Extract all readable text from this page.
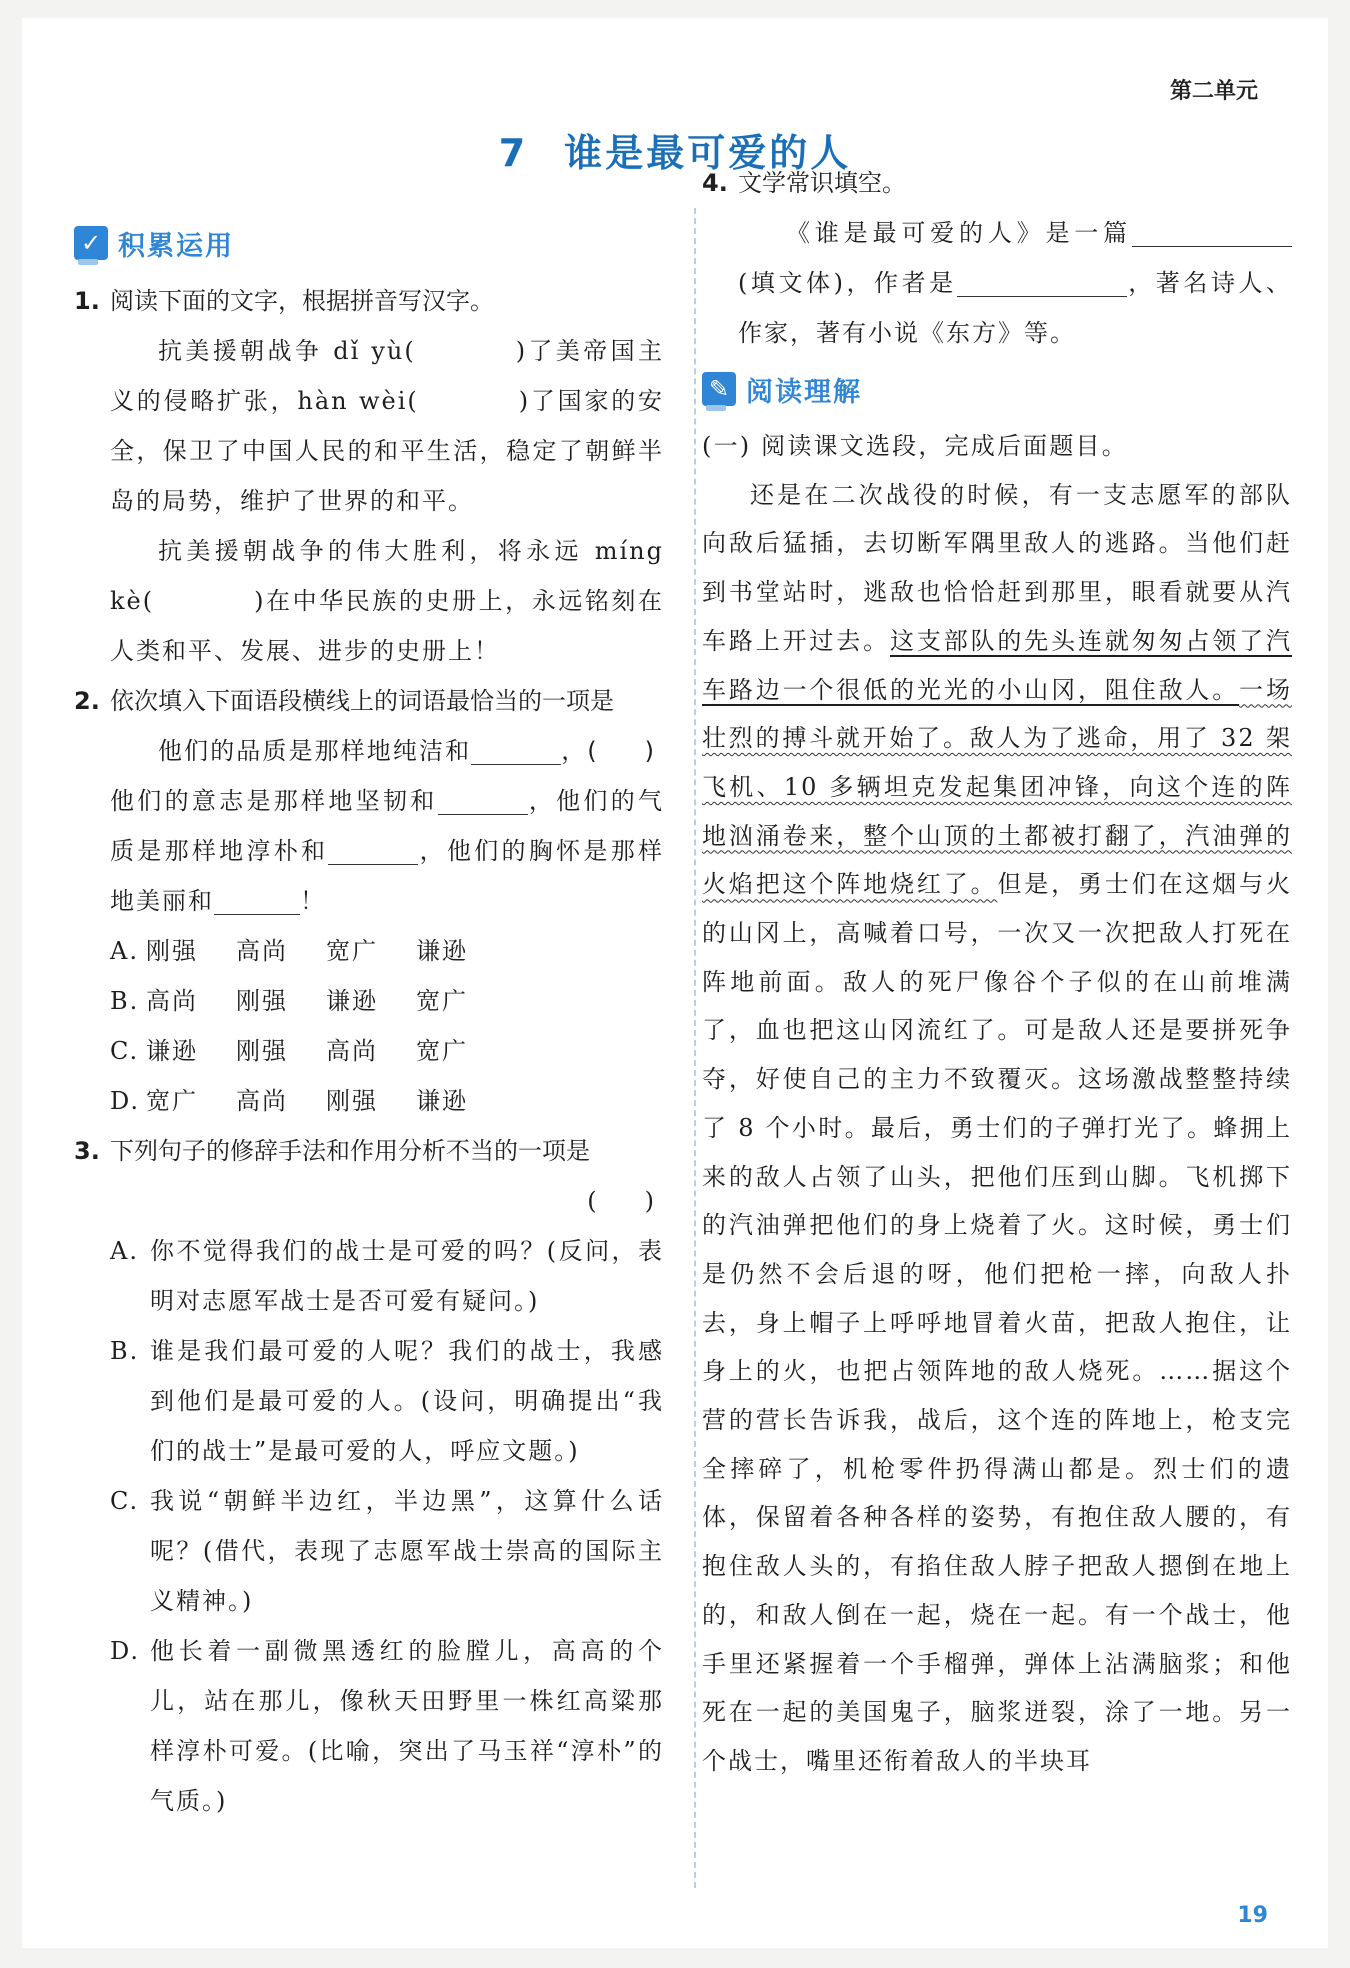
第二单元
7 谁是最可爱的人
✓ 积累运用
1. 阅读下面的文字，根据拼音写汉字。
抗美援朝战争 dǐ yù(	)了美帝国主义的侵略扩张，hàn wèi(	)了国家的安全，保卫了中国人民的和平生活，稳定了朝鲜半岛的局势，维护了世界的和平。
抗美援朝战争的伟大胜利，将永远 míng kè(	)在中华民族的史册上，永远铭刻在人类和平、发展、进步的史册上！
2. 依次填入下面语段横线上的词语最恰当的一项是
(　　)
他们的品质是那样地纯洁和	，他们的意志是那样地坚韧和	，他们的气质是那样地淳朴和	，他们的胸怀是那样地美丽和	！
A. 刚强	高尚	宽广	谦逊
B. 高尚	刚强	谦逊	宽广
C. 谦逊	刚强	高尚	宽广
D. 宽广	高尚	刚强	谦逊
3. 下列句子的修辞手法和作用分析不当的一项是
(　　)
A. 你不觉得我们的战士是可爱的吗？(反问，表明对志愿军战士是否可爱有疑问。)
B. 谁是我们最可爱的人呢？我们的战士，我感到他们是最可爱的人。(设问，明确提出“我们的战士”是最可爱的人，呼应文题。)
C. 我说“朝鲜半边红，半边黑”，这算什么话呢？(借代，表现了志愿军战士崇高的国际主义精神。)
D. 他长着一副微黑透红的脸膛儿，高高的个儿，站在那儿，像秋天田野里一株红高粱那样淳朴可爱。(比喻，突出了马玉祥“淳朴”的气质。)
4. 文学常识填空。
《谁是最可爱的人》是一篇(填文体)，作者是	，著名诗人、作家，著有小说《东方》等。
✎ 阅读理解
(一) 阅读课文选段，完成后面题目。
还是在二次战役的时候，有一支志愿军的部队向敌后猛插，去切断军隅里敌人的逃路。当他们赶到书堂站时，逃敌也恰恰赶到那里，眼看就要从汽车路上开过去。这支部队的先头连就匆匆占领了汽车路边一个很低的光光的小山冈，阻住敌人。一场壮烈的搏斗就开始了。敌人为了逃命，用了 32 架飞机、10 多辆坦克发起集团冲锋，向这个连的阵地汹涌卷来，整个山顶的土都被打翻了，汽油弹的火焰把这个阵地烧红了。但是，勇士们在这烟与火的山冈上，高喊着口号，一次又一次把敌人打死在阵地前面。敌人的死尸像谷个子似的在山前堆满了，血也把这山冈流红了。可是敌人还是要拼死争夺，好使自己的主力不致覆灭。这场激战整整持续了 8 个小时。最后，勇士们的子弹打光了。蜂拥上来的敌人占领了山头，把他们压到山脚。飞机掷下的汽油弹把他们的身上烧着了火。这时候，勇士们是仍然不会后退的呀，他们把枪一摔，向敌人扑去，身上帽子上呼呼地冒着火苗，把敌人抱住，让身上的火，也把占领阵地的敌人烧死。……据这个营的营长告诉我，战后，这个连的阵地上，枪支完全摔碎了，机枪零件扔得满山都是。烈士们的遗体，保留着各种各样的姿势，有抱住敌人腰的，有抱住敌人头的，有掐住敌人脖子把敌人摁倒在地上的，和敌人倒在一起，烧在一起。有一个战士，他手里还紧握着一个手榴弹，弹体上沾满脑浆；和他死在一起的美国鬼子，脑浆迸裂，涂了一地。另一个战士，嘴里还衔着敌人的半块耳
19
